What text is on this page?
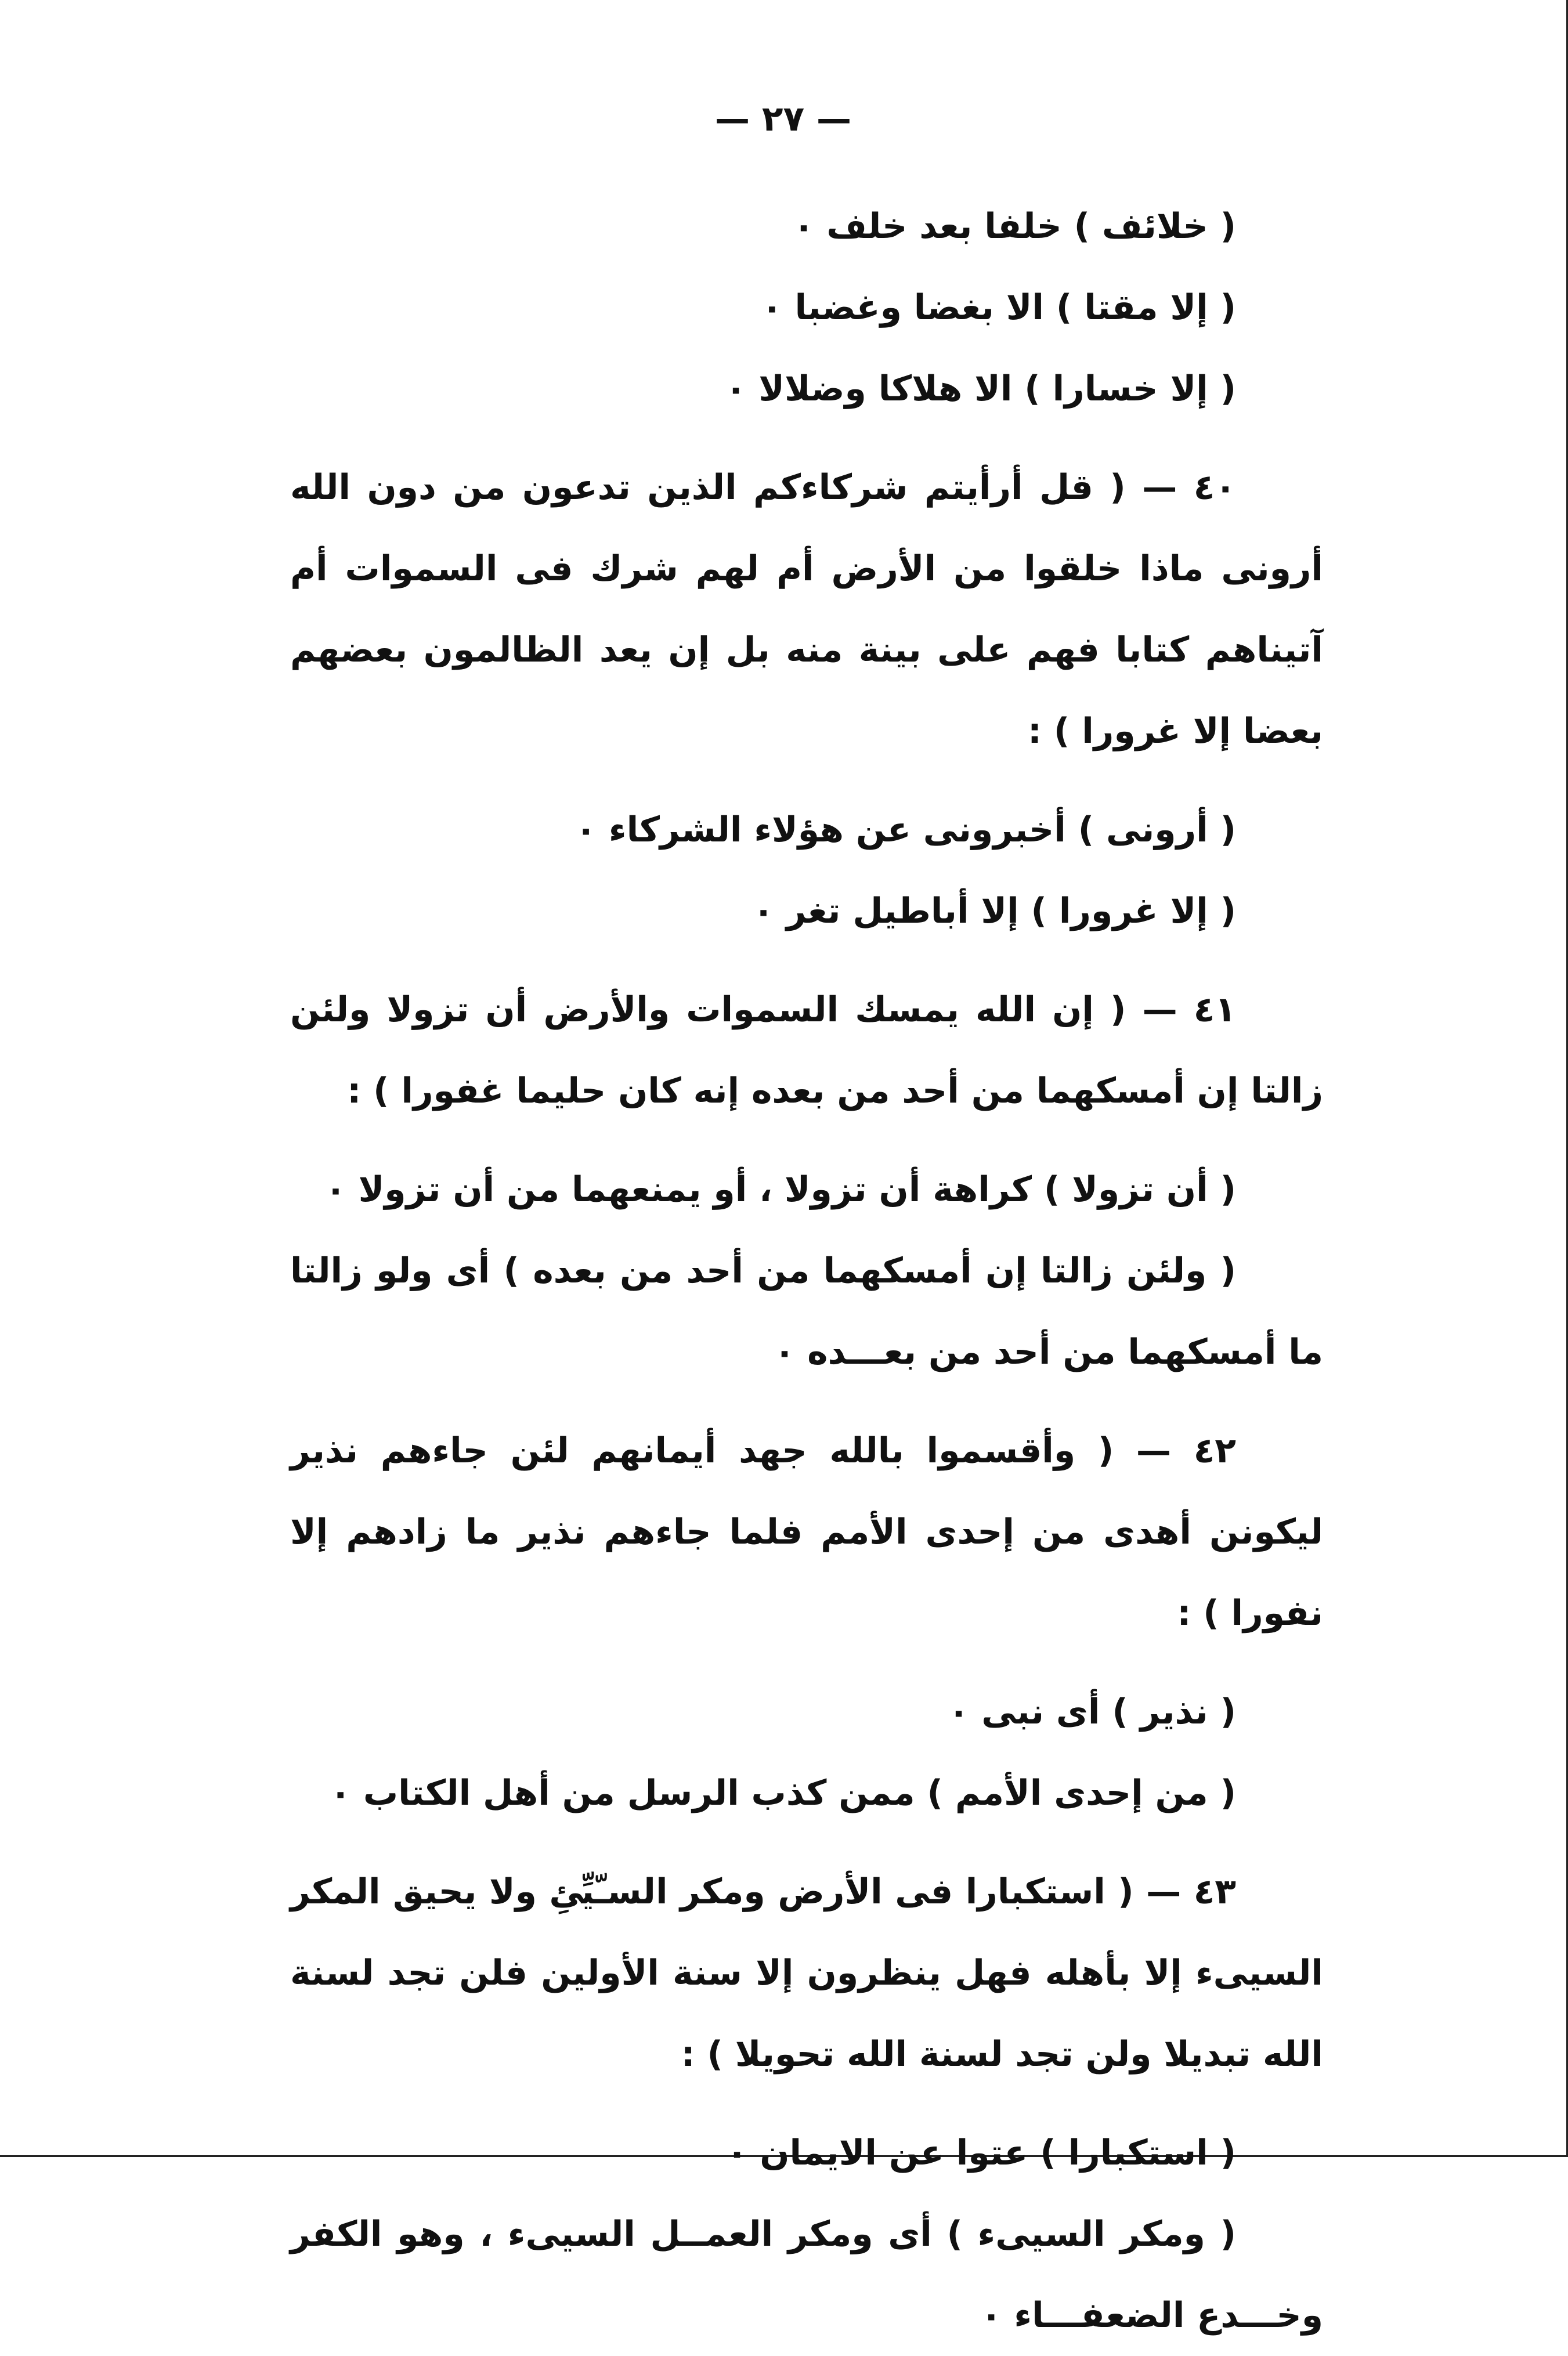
— ٢٧ —

( خلائف ) خلفا بعد خلف ٠

( إلا مقتا ) الا بغضا وغضبا ٠

( إلا خسارا ) الا هلاكا وضلالا ٠

٤٠ — ( قل أرأيتم شركاءكم الذين تدعون من دون الله أرونى ماذا خلقوا من الأرض أم لهم شرك فى السموات أم آتيناهم كتابا فهم على بينة منه بل إن يعد الظالمون بعضهم بعضا إلا غرورا ) :

( أرونى ) أخبرونى عن هؤلاء الشركاء ٠

( إلا غرورا ) إلا أباطيل تغر ٠

٤١ — ( إن الله يمسك السموات والأرض أن تزولا ولئن زالتا إن أمسكهما من أحد من بعده إنه كان حليما غفورا ) :

( أن تزولا ) كراهة أن تزولا ، أو يمنعهما من أن تزولا ٠

( ولئن زالتا إن أمسكهما من أحد من بعده ) أى ولو زالتا ما أمسكهما من أحد من بعـــده ٠

٤٢ — ( وأقسموا بالله جهد أيمانهم لئن جاءهم نذير ليكونن أهدى من إحدى الأمم فلما جاءهم نذير ما زادهم إلا نفورا ) :

( نذير ) أى نبى ٠

( من إحدى الأمم ) ممن كذب الرسل من أهل الكتاب ٠

٤٣ — ( استكبارا فى الأرض ومكر السـّيِّئِ ولا يحيق المكر السيىء إلا بأهله فهل ينظرون إلا سنة الأولين فلن تجد لسنة الله تبديلا ولن تجد لسنة الله تحويلا ) :

( استكبارا ) عتوا عن الايمان ٠

( ومكر السيىء ) أى ومكر العمــل السيىء ، وهو الكفر وخـــدع الضعفـــاء ٠
